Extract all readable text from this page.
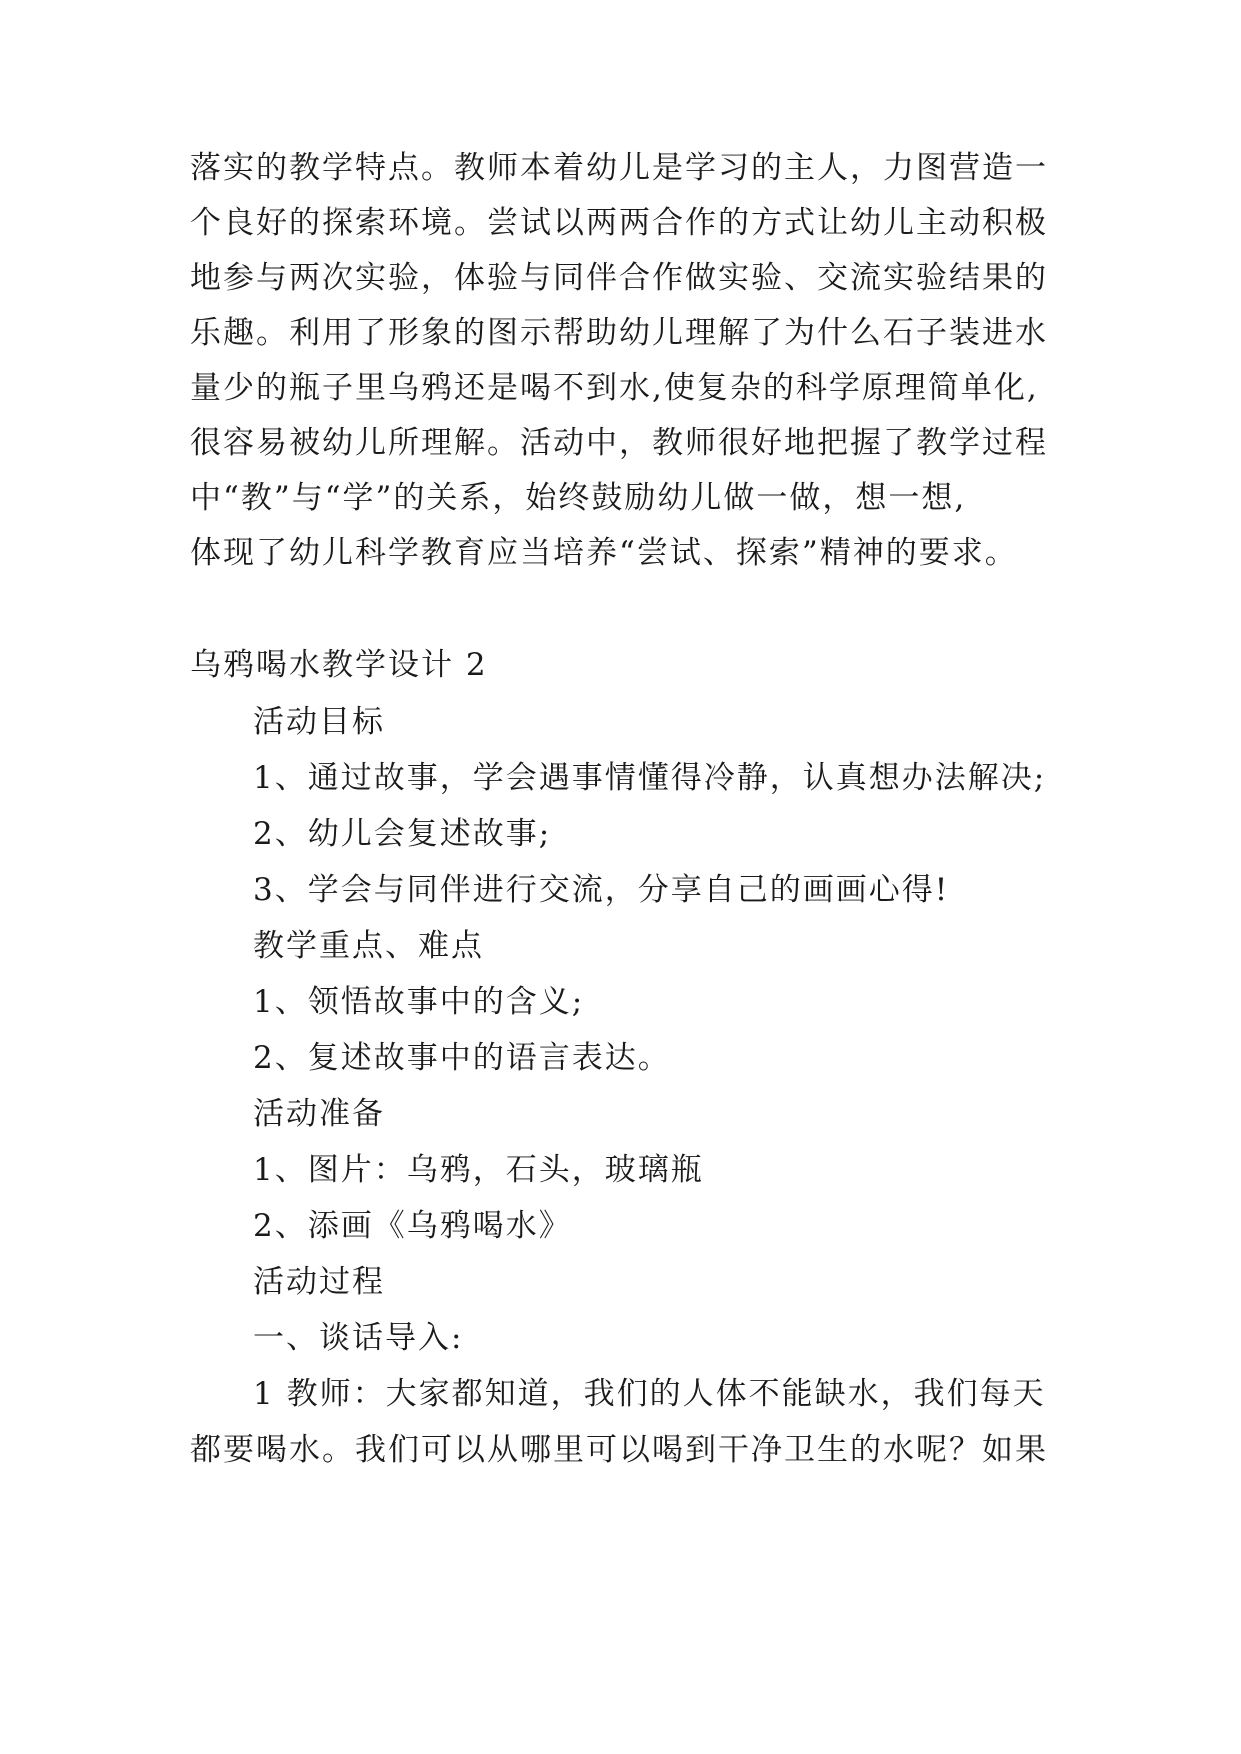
落实的教学特点。教师本着幼儿是学习的主人，力图营造一
个良好的探索环境。尝试以两两合作的方式让幼儿主动积极
地参与两次实验，体验与同伴合作做实验、交流实验结果的
乐趣。利用了形象的图示帮助幼儿理解了为什么石子装进水
量少的瓶子里乌鸦还是喝不到水,使复杂的科学原理简单化,
很容易被幼儿所理解。活动中，教师很好地把握了教学过程
中“教”与“学”的关系，始终鼓励幼儿做一做，想一想,
体现了幼儿科学教育应当培养“尝试、探索”精神的要求。
乌鸦喝水教学设计 2
活动目标
1、通过故事，学会遇事情懂得冷静，认真想办法解决;
2、幼儿会复述故事;
3、学会与同伴进行交流，分享自己的画画心得!
教学重点、难点
1、领悟故事中的含义;
2、复述故事中的语言表达。
活动准备
1、图片：乌鸦，石头，玻璃瓶
2、添画《乌鸦喝水》
活动过程
一、谈话导入:
1 教师：大家都知道，我们的人体不能缺水，我们每天
都要喝水。我们可以从哪里可以喝到干净卫生的水呢？如果
